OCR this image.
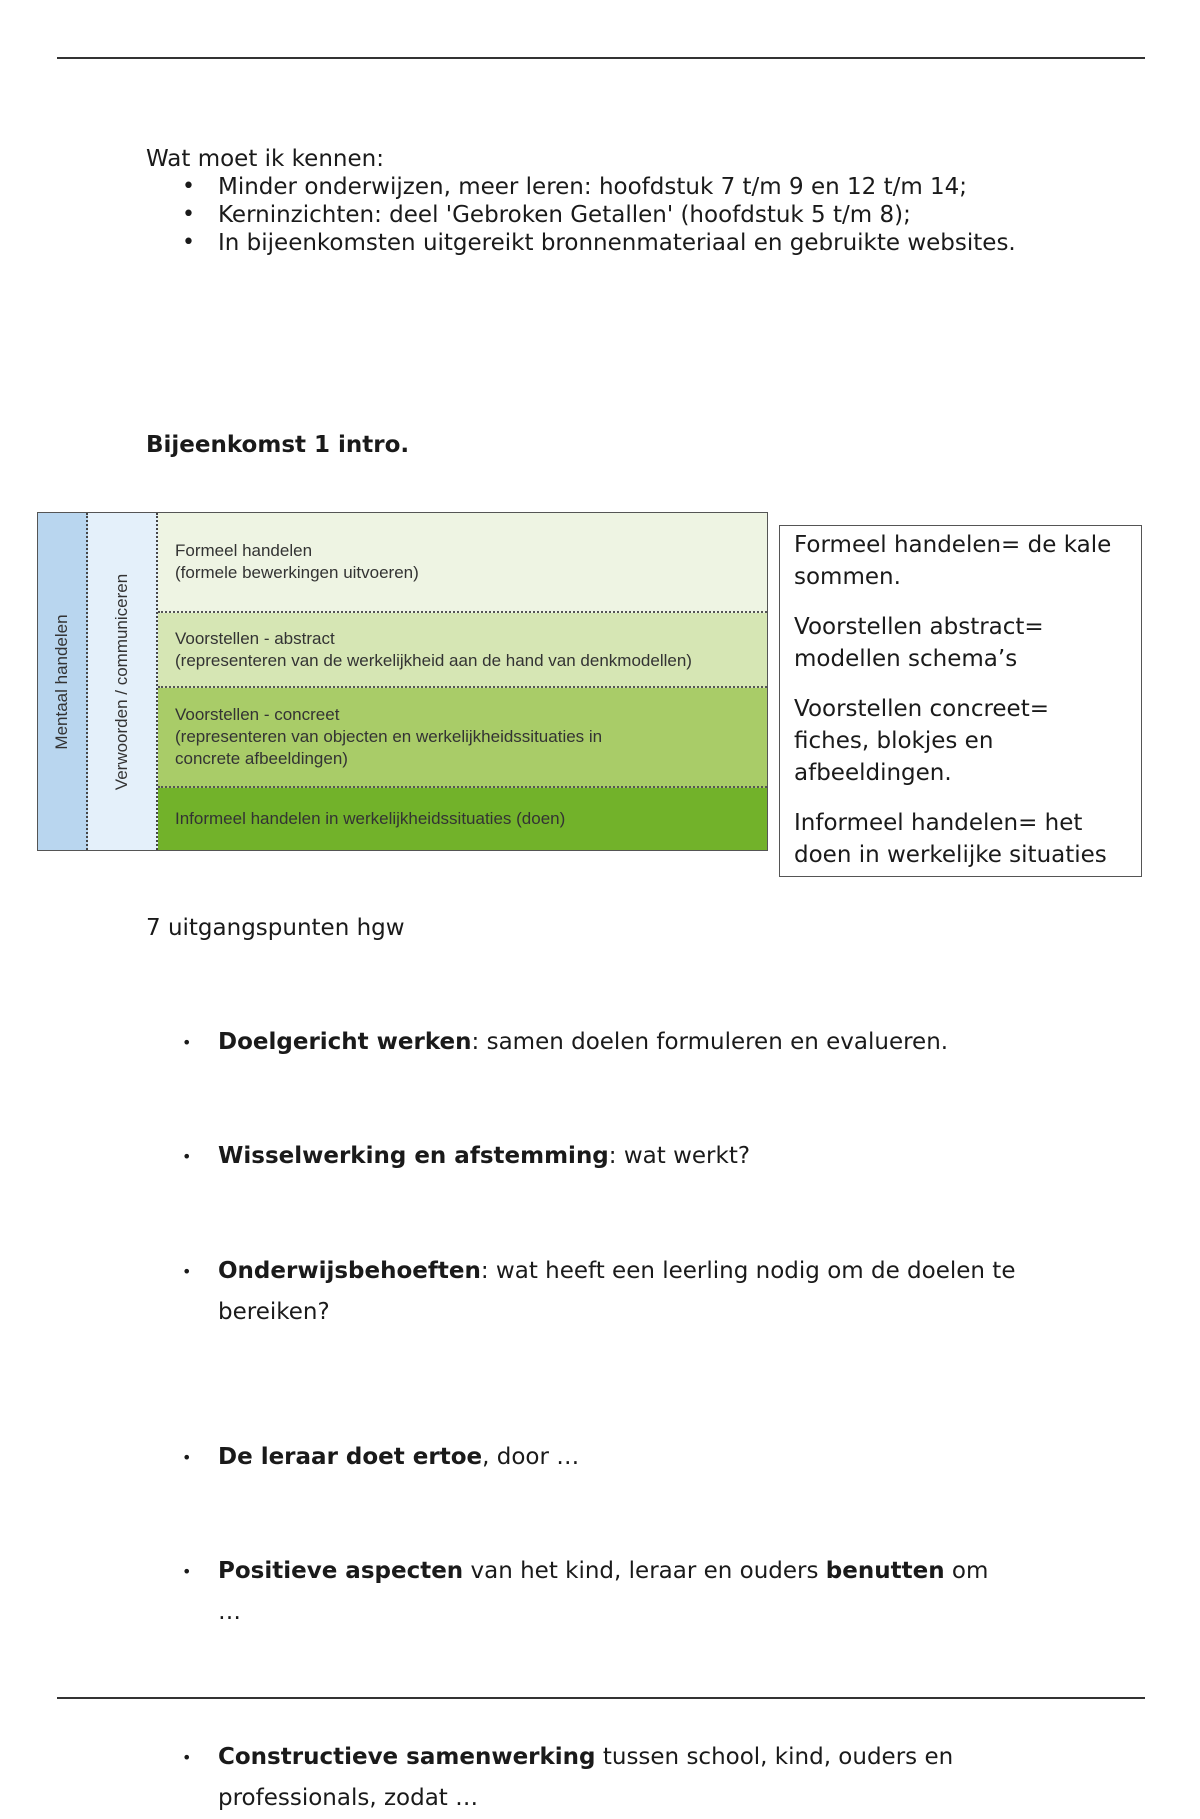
Wat moet ik kennen:
• Minder onderwijzen, meer leren: hoofdstuk 7 t/m 9 en 12 t/m 14;
• Kerninzichten: deel 'Gebroken Getallen' (hoofdstuk 5 t/m 8);
• In bijeenkomsten uitgereikt bronnenmateriaal en gebruikte websites.
Bijeenkomst 1 intro.
Mentaal handelen Verwoorden / communiceren
Formeel handelen
(formele bewerkingen uitvoeren)
Voorstellen - abstract
(representeren van de werkelijkheid aan de hand van denkmodellen)
Voorstellen - concreet
(representeren van objecten en werkelijkheidssituaties in concrete afbeeldingen)
Informeel handelen in werkelijkheidssituaties (doen)

Formeel handelen= de kale sommen.

Voorstellen abstract= modellen schema’s

Voorstellen concreet= fiches, blokjes en afbeeldingen.

Informeel handelen= het doen in werkelijke situaties

7 uitgangspunten hgw
• Doelgericht werken: samen doelen formuleren en evalueren.
• Wisselwerking en afstemming: wat werkt?
• Onderwijsbehoeften: wat heeft een leerling nodig om de doelen te bereiken?
• De leraar doet ertoe, door …
• Positieve aspecten van het kind, leraar en ouders benutten om …
• Constructieve samenwerking tussen school, kind, ouders en professionals, zodat …
